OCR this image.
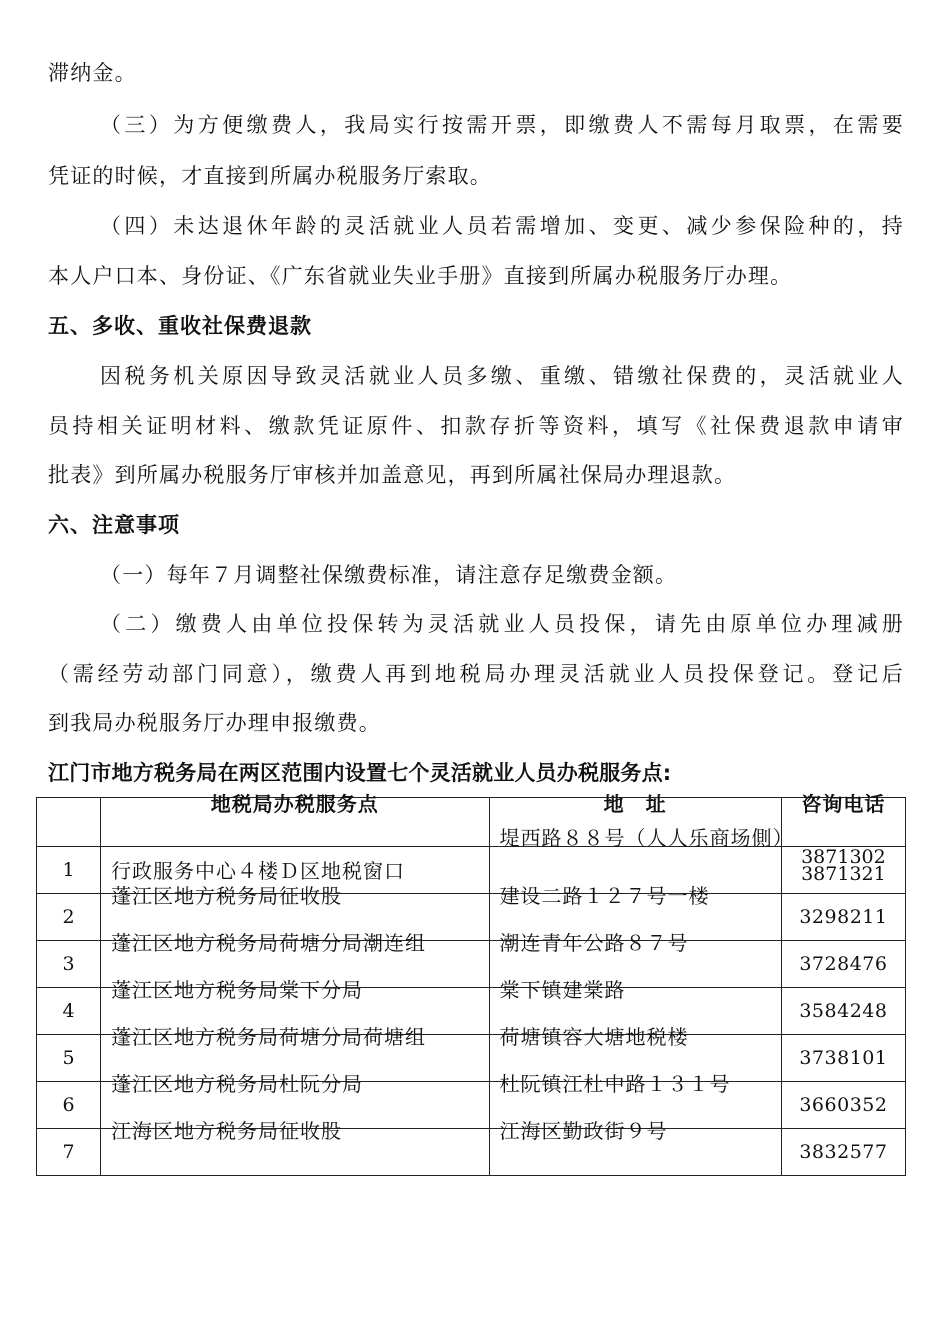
滞纳金。
（三）为方便缴费人，我局实行按需开票，即缴费人不需每月取票，在需要
凭证的时候，才直接到所属办税服务厅索取。
（四）未达退休年龄的灵活就业人员若需增加、变更、减少参保险种的，持
本人户口本、身份证、《广东省就业失业手册》直接到所属办税服务厅办理。
五、多收、重收社保费退款
因税务机关原因导致灵活就业人员多缴、重缴、错缴社保费的，灵活就业人
员持相关证明材料、缴款凭证原件、扣款存折等资料，填写《社保费退款申请审
批表》到所属办税服务厅审核并加盖意见，再到所属社保局办理退款。
六、注意事项
（一）每年７月调整社保缴费标准，请注意存足缴费金额。
（二）缴费人由单位投保转为灵活就业人员投保，请先由原单位办理减册
（需经劳动部门同意），缴费人再到地税局办理灵活就业人员投保登记。登记后
到我局办税服务厅办理申报缴费。
江门市地方税务局在两区范围内设置七个灵活就业人员办税服务点:

	地税局办税服务点	地　址	咨询电话

1	行政服务中心４楼Ｄ区地税窗口	堤西路８８号（人人乐商场側）	3871302
3871321

2	蓬江区地方税务局征收股	建设二路１２７号一楼	3298211
3	蓬江区地方税务局荷塘分局潮连组	潮连青年公路８７号	3728476
4	蓬江区地方税务局棠下分局	棠下镇建棠路	3584248
5	蓬江区地方税务局荷塘分局荷塘组	荷塘镇容大塘地税楼	3738101
6	蓬江区地方税务局杜阮分局	杜阮镇江杜中路１３１号	3660352
7	江海区地方税务局征收股	江海区勤政街９号	3832577
